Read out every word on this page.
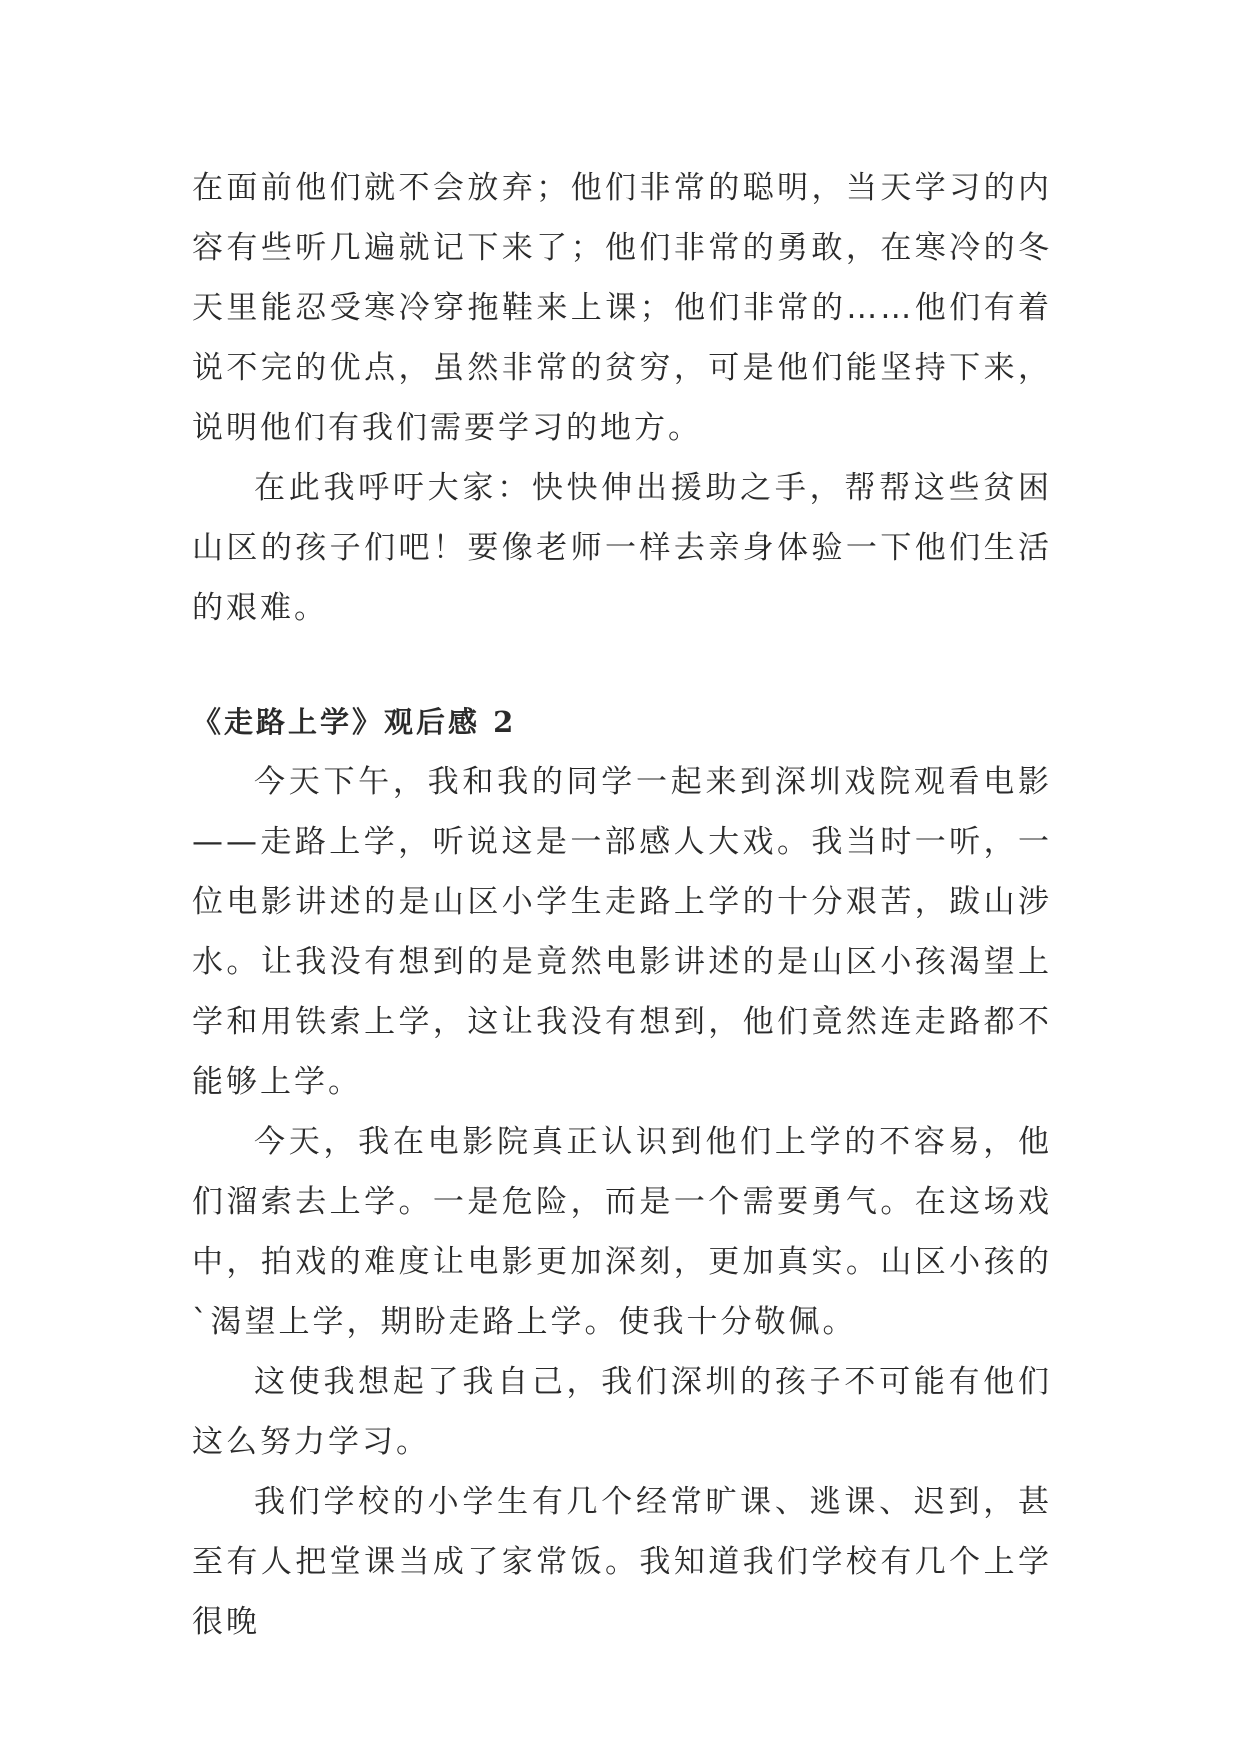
在面前他们就不会放弃；他们非常的聪明，当天学习的内容有些听几遍就记下来了；他们非常的勇敢，在寒冷的冬天里能忍受寒冷穿拖鞋来上课；他们非常的……他们有着说不完的优点，虽然非常的贫穷，可是他们能坚持下来，说明他们有我们需要学习的地方。

在此我呼吁大家：快快伸出援助之手，帮帮这些贫困山区的孩子们吧！要像老师一样去亲身体验一下他们生活的艰难。

《走路上学》观后感 2

今天下午，我和我的同学一起来到深圳戏院观看电影——走路上学，听说这是一部感人大戏。我当时一听，一位电影讲述的是山区小学生走路上学的十分艰苦，跋山涉水。让我没有想到的是竟然电影讲述的是山区小孩渴望上学和用铁索上学，这让我没有想到，他们竟然连走路都不能够上学。

今天，我在电影院真正认识到他们上学的不容易，他们溜索去上学。一是危险，而是一个需要勇气。在这场戏中，拍戏的难度让电影更加深刻，更加真实。山区小孩的`渴望上学，期盼走路上学。使我十分敬佩。

这使我想起了我自己，我们深圳的孩子不可能有他们这么努力学习。

我们学校的小学生有几个经常旷课、逃课、迟到，甚至有人把堂课当成了家常饭。我知道我们学校有几个上学很晚
